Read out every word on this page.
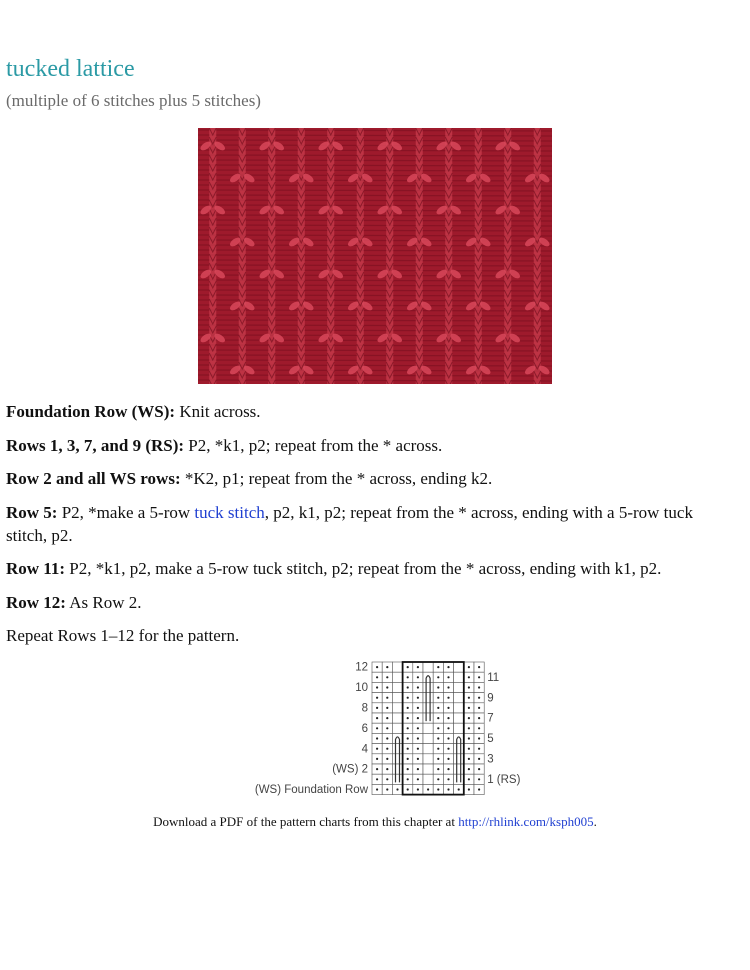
tucked lattice

(multiple of 6 stitches plus 5 stitches)

Foundation Row (WS): Knit across.

Rows 1, 3, 7, and 9 (RS): P2, *k1, p2; repeat from the * across.

Row 2 and all WS rows: *K2, p1; repeat from the * across, ending k2.

Row 5: P2, *make a 5-row tuck stitch, p2, k1, p2; repeat from the * across, ending with a 5-row tuck stitch, p2.

Row 11: P2, *k1, p2, make a 5-row tuck stitch, p2; repeat from the * across, ending with k1, p2.

Row 12: As Row 2.

Repeat Rows 1–12 for the pattern.

12
10
8
6
4
(WS) 2
(WS) Foundation Row
11
9
7
5
3
1 (RS)
Download a PDF of the pattern charts from this chapter at http://rhlink.com/ksph005.
